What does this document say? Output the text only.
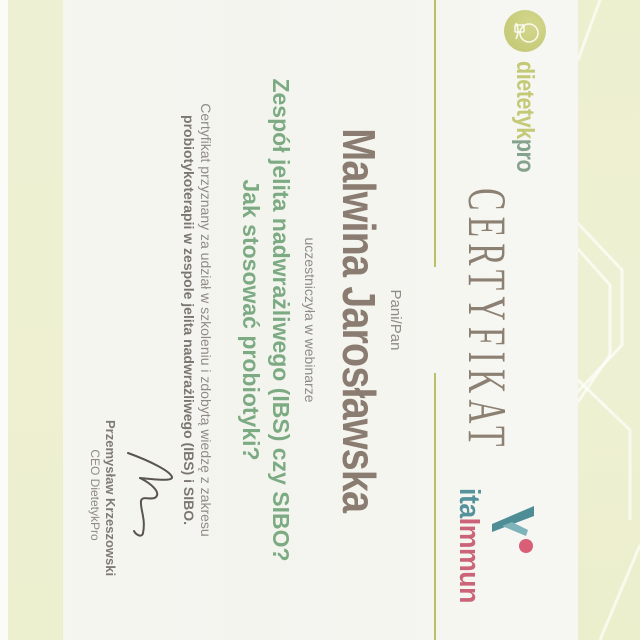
dietetykpro
CERTYFIKAT
itaImmun
Pani/Pan
Malwina Jarosławska
uczestniczyła w webinarze
Zespół jelita nadwrażliwego (IBS) czy SIBO?
Jak stosować probiotyki?
Certyfikat przyznany za udział w szkoleniu i zdobytą wiedzę z zakresu
probiotykoterapii w zespole jelita nadwrażliwego (IBS) i SIBO.
Przemysław Krzeszowski
CEO DietetykPro
